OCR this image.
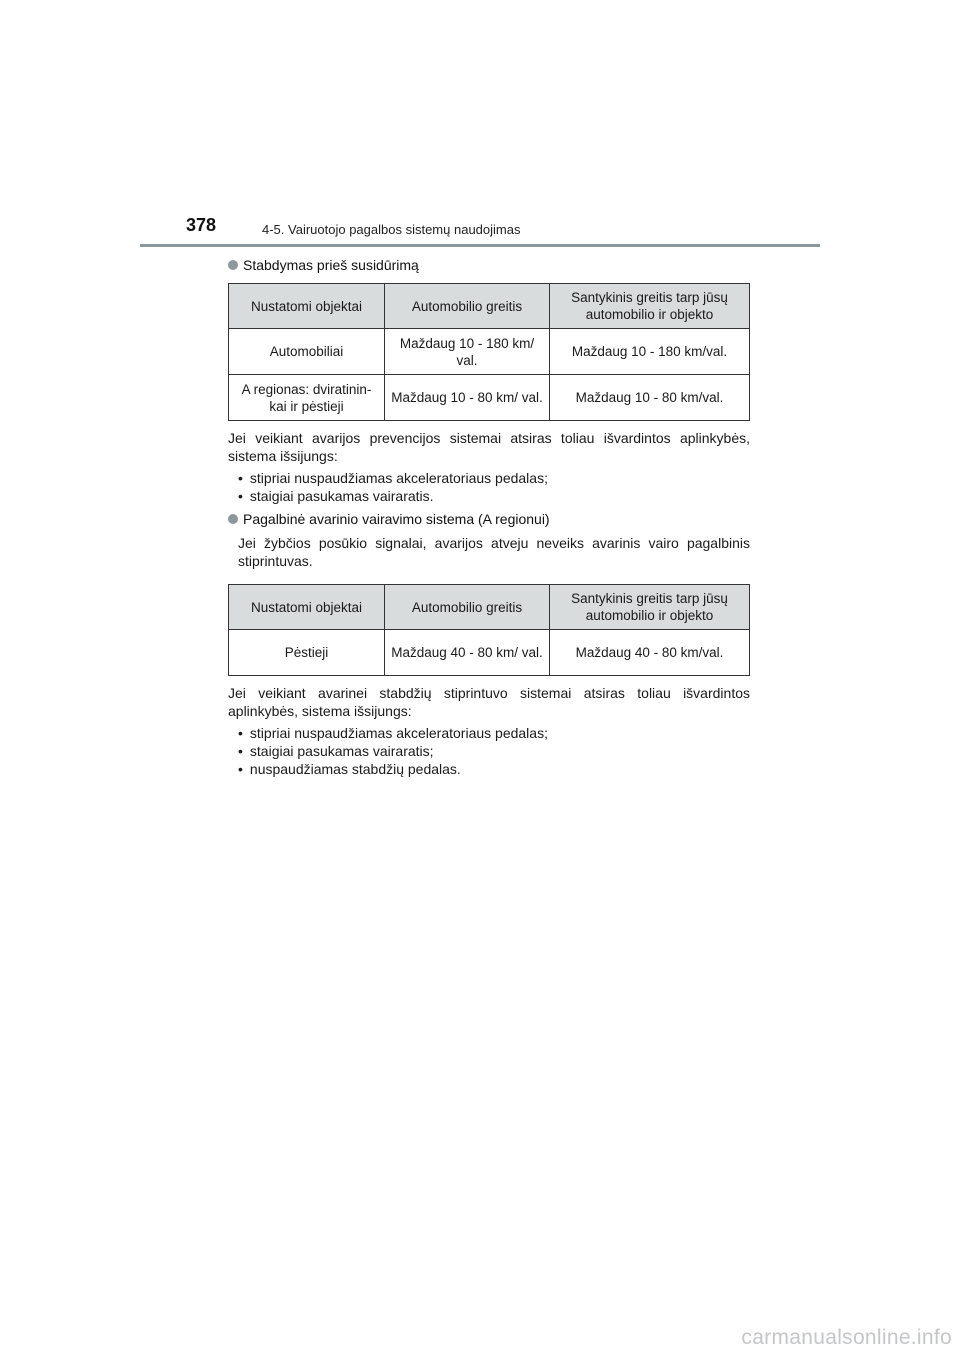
378	4-5. Vairuotojo pagalbos sistemų naudojimas
Stabdymas prieš susidūrimą
Nustatomi objektai	Automobilio greitis	Santykinis greitis tarp jūsų automobilio ir objekto
Automobiliai	Maždaug 10 - 180 km/ val.	Maždaug 10 - 180 km/val.
A regionas: dviratinin- kai ir pėstieji	Maždaug 10 - 80 km/ val.	Maždaug 10 - 80 km/val.
Jei veikiant avarijos prevencijos sistemai atsiras toliau išvardintos aplinkybės, sistema išsijungs:
• stipriai nuspaudžiamas akceleratoriaus pedalas;
• staigiai pasukamas vairaratis.
Pagalbinė avarinio vairavimo sistema (A regionui)
Jei žybčios posūkio signalai, avarijos atveju neveiks avarinis vairo pagalbinis stiprintuvas.
Nustatomi objektai	Automobilio greitis	Santykinis greitis tarp jūsų automobilio ir objekto
Pėstieji	Maždaug 40 - 80 km/ val.	Maždaug 40 - 80 km/val.
Jei veikiant avarinei stabdžių stiprintuvo sistemai atsiras toliau išvardintos aplinkybės, sistema išsijungs:
• stipriai nuspaudžiamas akceleratoriaus pedalas;
• staigiai pasukamas vairaratis;
• nuspaudžiamas stabdžių pedalas.
carmanualsonline.info
